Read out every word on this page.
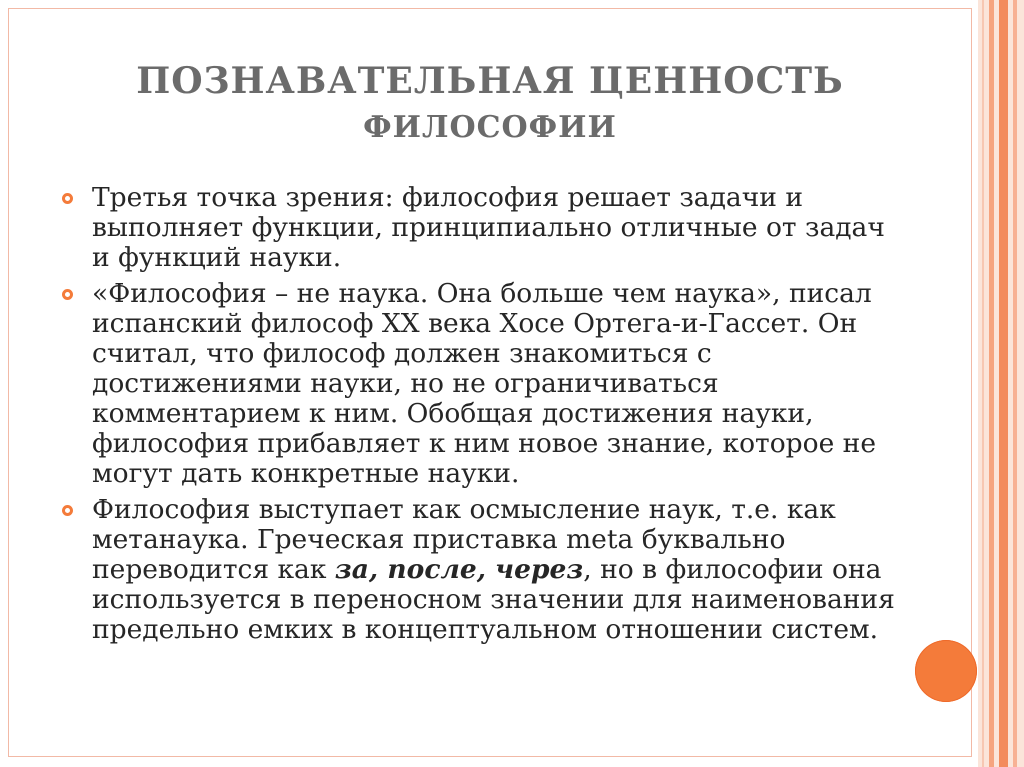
ПОЗНАВАТЕЛЬНАЯ ЦЕННОСТЬ
ФИЛОСОФИИ
Третья точка зрения: философия решает задачи и выполняет функции, принципиально отличные от задач и функций науки.
«Философия – не наука. Она больше чем наука», писал испанский философ XX века Хосе Ортега-и-Гассет. Он считал, что философ должен знакомиться с достижениями науки, но не ограничиваться комментарием к ним. Обобщая достижения науки, философия прибавляет к ним новое знание, которое не могут дать конкретные науки.
Философия выступает как осмысление наук, т.е. как метанаука. Греческая приставка meta буквально переводится как за, после, через, но в философии она используется в переносном значении для наименования предельно емких в концептуальном отношении систем.
